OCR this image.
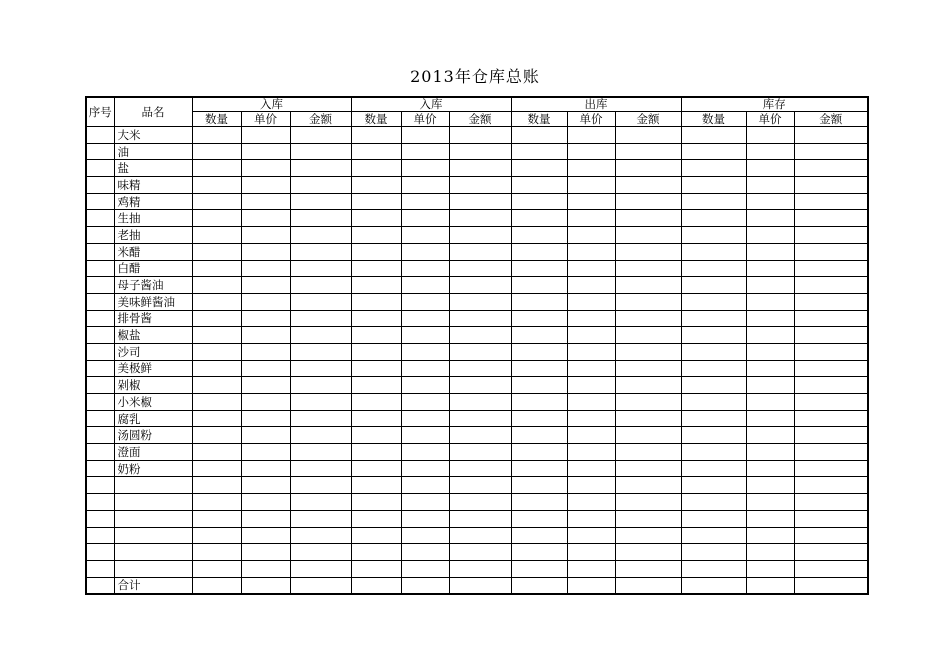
2013年仓库总账
序号	品名	入库			入库			出库			库存		
		数量	单价	金额	数量	单价	金额	数量	单价	金额	数量	单价	金额
	大米												
	油												
	盐												
	味精												
	鸡精												
	生抽												
	老抽												
	米醋												
	白醋												
	母子酱油												
	美味鲜酱油												
	排骨酱												
	椒盐												
	沙司												
	美极鲜												
	剁椒												
	小米椒												
	腐乳												
	汤圆粉												
	澄面												
	奶粉												

	合计												
